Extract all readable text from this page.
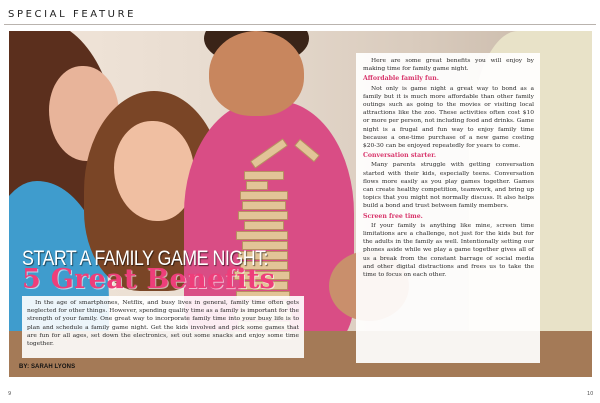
SPECIAL FEATURE

Here are some great benefits you will enjoy by making time for family game night.

Affordable family fun.

Not only is game night a great way to bond as a family but it is much more affordable than other family outings such as going to the movies or visiting local attractions like the zoo. These activities often cost $10 or more per person, not including food and drinks. Game night is a frugal and fun way to enjoy family time because a one-time purchase of a new game costing $20-30 can be enjoyed repeatedly for years to come.

Conversation starter.

Many parents struggle with getting conversation started with their kids, especially teens. Conversation flows more easily as you play games together. Games can create healthy competition, teamwork, and bring up topics that you might not normally discuss. It also helps build a bond and trust between family members.

Screen free time.

If your family is anything like mine, screen time limitations are a challenge, not just for the kids but for the adults in the family as well. Intentionally setting our phones aside while we play a game together gives all of us a break from the constant barrage of social media and other digital distractions and frees us to take the time to focus on each other.

START A FAMILY GAME NIGHT:
5 Great Benefits

In the age of smartphones, Netflix, and busy lives in general, family time often gets neglected for other things. However, spending quality time as a family is important for the strength of your family. One great way to incorporate family time into your busy life is to plan and schedule a family game night. Get the kids involved and pick some games that are fun for all ages, set down the electronics, set out some snacks and enjoy some time together.

BY: SARAH LYONS
9	10
